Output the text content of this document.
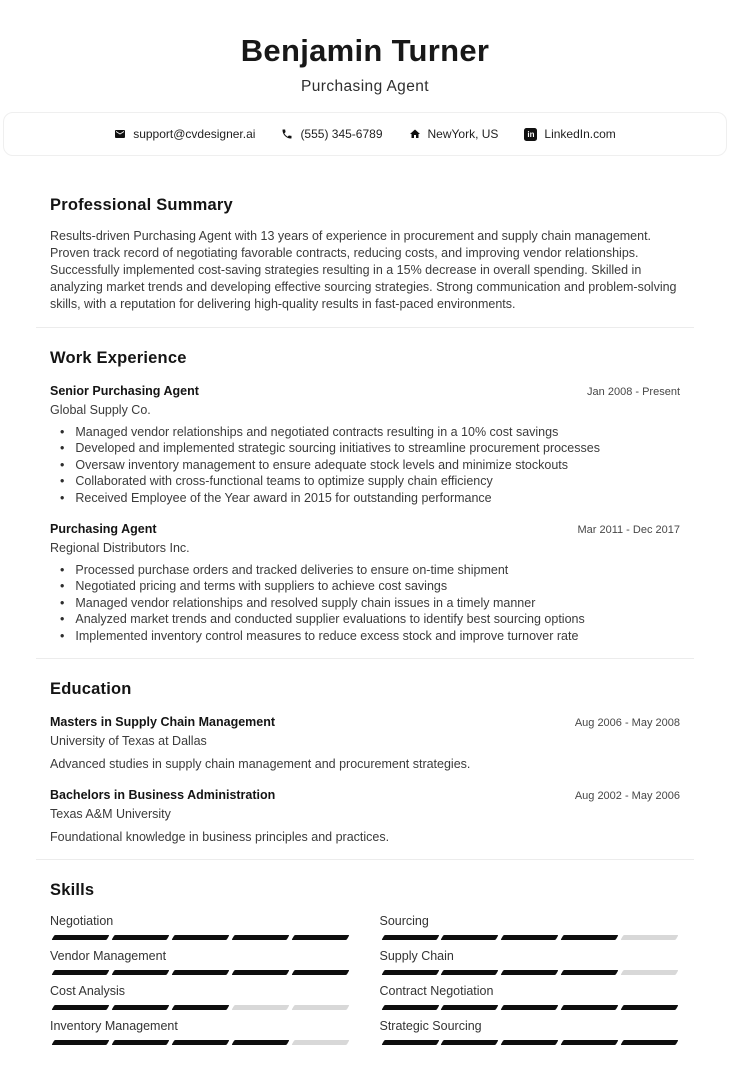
Benjamin Turner
Purchasing Agent
support@cvdesigner.ai	(555) 345-6789	NewYork, US	in LinkedIn.com
Professional Summary

Results-driven Purchasing Agent with 13 years of experience in procurement and supply chain management. Proven track record of negotiating favorable contracts, reducing costs, and improving vendor relationships. Successfully implemented cost-saving strategies resulting in a 15% decrease in overall spending. Skilled in analyzing market trends and developing effective sourcing strategies. Strong communication and problem-solving skills, with a reputation for delivering high-quality results in fast-paced environments.

Work Experience
Senior Purchasing Agent	Jan 2008 - Present
Global Supply Co.
• Managed vendor relationships and negotiated contracts resulting in a 10% cost savings
• Developed and implemented strategic sourcing initiatives to streamline procurement processes
• Oversaw inventory management to ensure adequate stock levels and minimize stockouts
• Collaborated with cross-functional teams to optimize supply chain efficiency
• Received Employee of the Year award in 2015 for outstanding performance
Purchasing Agent	Mar 2011 - Dec 2017
Regional Distributors Inc.
• Processed purchase orders and tracked deliveries to ensure on-time shipment
• Negotiated pricing and terms with suppliers to achieve cost savings
• Managed vendor relationships and resolved supply chain issues in a timely manner
• Analyzed market trends and conducted supplier evaluations to identify best sourcing options
• Implemented inventory control measures to reduce excess stock and improve turnover rate
Education
Masters in Supply Chain Management	Aug 2006 - May 2008
University of Texas at Dallas

Advanced studies in supply chain management and procurement strategies.

Bachelors in Business Administration	Aug 2002 - May 2006
Texas A&M University

Foundational knowledge in business principles and practices.

Skills
Negotiation	Sourcing
Vendor Management	Supply Chain
Cost Analysis	Contract Negotiation
Inventory Management	Strategic Sourcing
